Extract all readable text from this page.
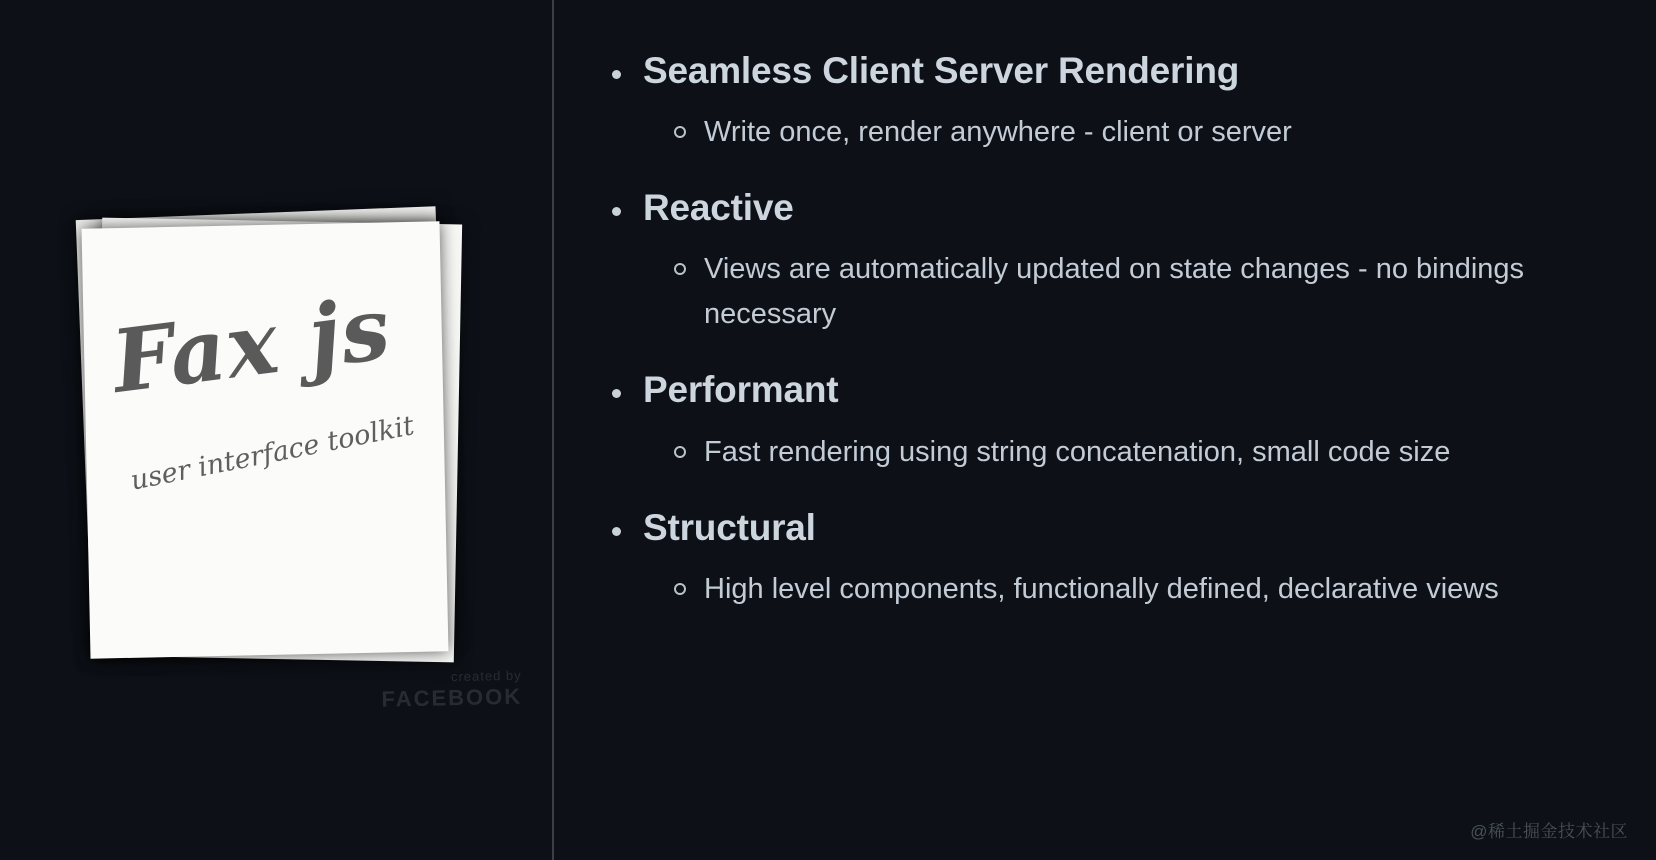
Fax js
user interface toolkit
created by
FACEBOOK
Seamless Client Server Rendering
Write once, render anywhere - client or server
Reactive
Views are automatically updated on state changes - no bindings necessary
Performant
Fast rendering using string concatenation, small code size
Structural
High level components, functionally defined, declarative views
@稀土掘金技术社区
